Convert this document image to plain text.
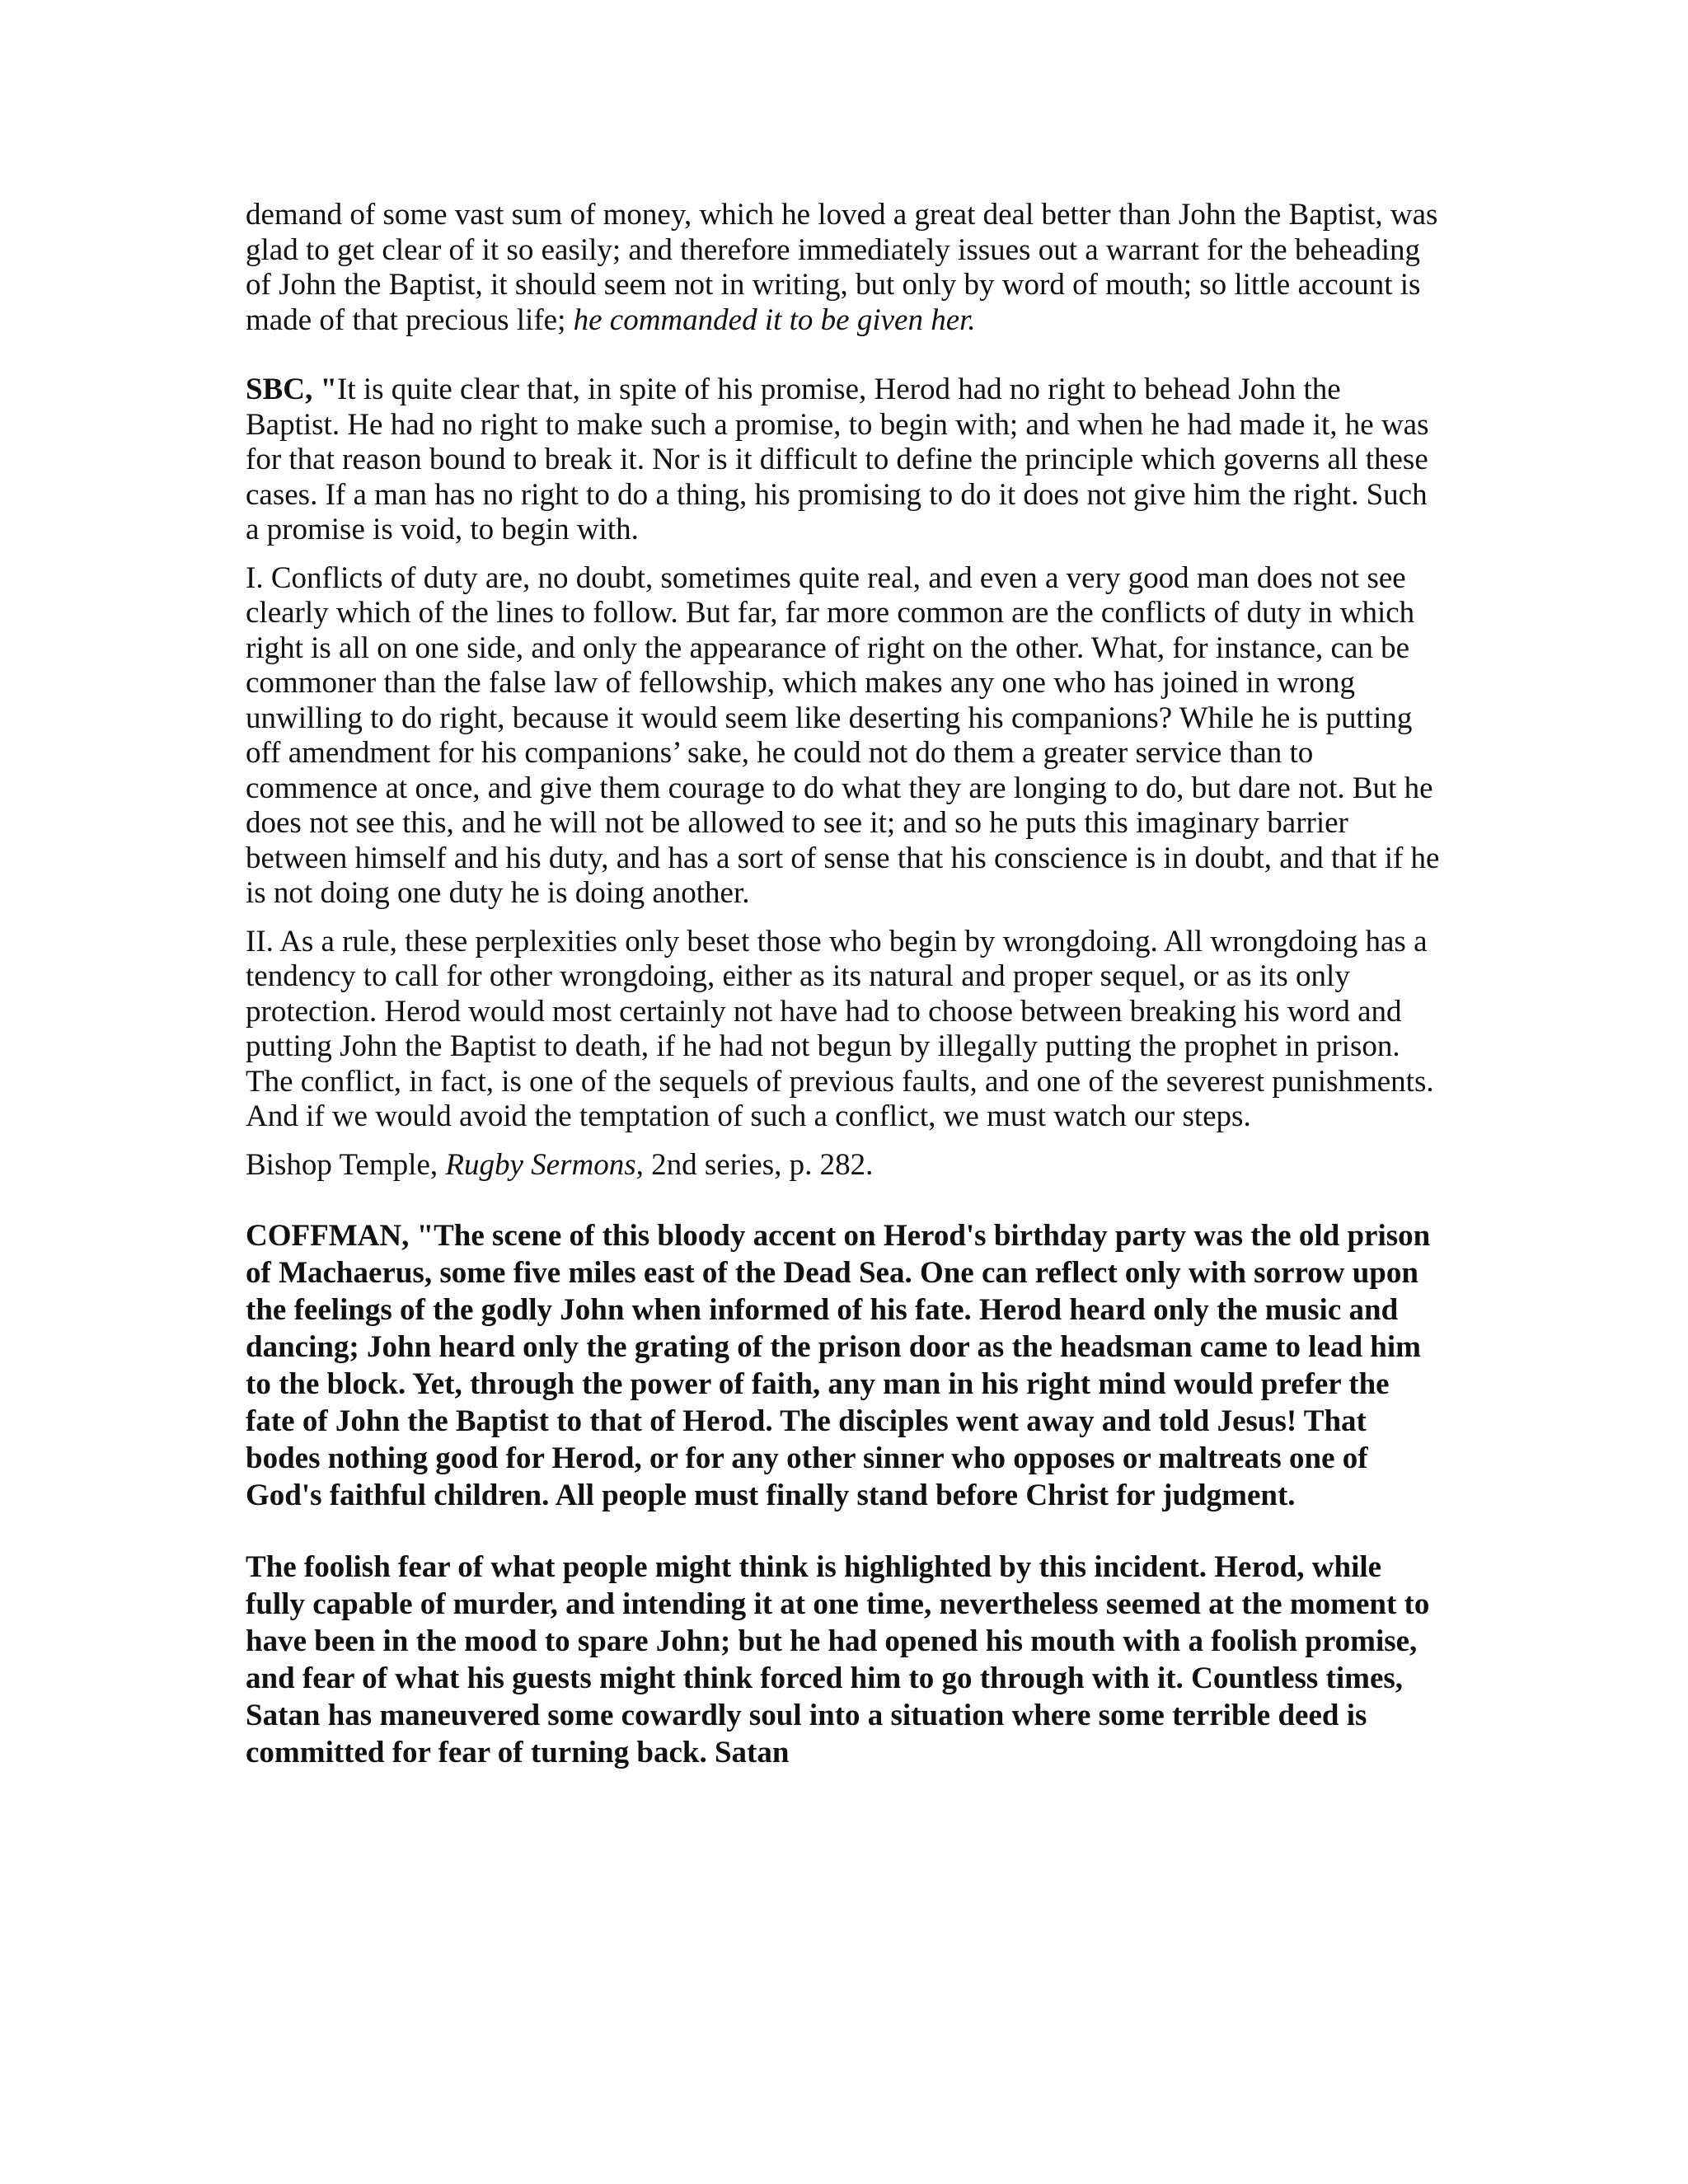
demand of some vast sum of money, which he loved a great deal better than John the Baptist, was glad to get clear of it so easily; and therefore immediately issues out a warrant for the beheading of John the Baptist, it should seem not in writing, but only by word of mouth; so little account is made of that precious life; he commanded it to be given her.

SBC, "It is quite clear that, in spite of his promise, Herod had no right to behead John the Baptist. He had no right to make such a promise, to begin with; and when he had made it, he was for that reason bound to break it. Nor is it difficult to define the principle which governs all these cases. If a man has no right to do a thing, his promising to do it does not give him the right. Such a promise is void, to begin with.

I. Conflicts of duty are, no doubt, sometimes quite real, and even a very good man does not see clearly which of the lines to follow. But far, far more common are the conflicts of duty in which right is all on one side, and only the appearance of right on the other. What, for instance, can be commoner than the false law of fellowship, which makes any one who has joined in wrong unwilling to do right, because it would seem like deserting his companions? While he is putting off amendment for his companions’ sake, he could not do them a greater service than to commence at once, and give them courage to do what they are longing to do, but dare not. But he does not see this, and he will not be allowed to see it; and so he puts this imaginary barrier between himself and his duty, and has a sort of sense that his conscience is in doubt, and that if he is not doing one duty he is doing another.

II. As a rule, these perplexities only beset those who begin by wrongdoing. All wrongdoing has a tendency to call for other wrongdoing, either as its natural and proper sequel, or as its only protection. Herod would most certainly not have had to choose between breaking his word and putting John the Baptist to death, if he had not begun by illegally putting the prophet in prison. The conflict, in fact, is one of the sequels of previous faults, and one of the severest punishments. And if we would avoid the temptation of such a conflict, we must watch our steps.

Bishop Temple, Rugby Sermons, 2nd series, p. 282.

COFFMAN, "The scene of this bloody accent on Herod's birthday party was the old prison of Machaerus, some five miles east of the Dead Sea. One can reflect only with sorrow upon the feelings of the godly John when informed of his fate. Herod heard only the music and dancing; John heard only the grating of the prison door as the headsman came to lead him to the block. Yet, through the power of faith, any man in his right mind would prefer the fate of John the Baptist to that of Herod. The disciples went away and told Jesus! That bodes nothing good for Herod, or for any other sinner who opposes or maltreats one of God's faithful children. All people must finally stand before Christ for judgment.

The foolish fear of what people might think is highlighted by this incident. Herod, while fully capable of murder, and intending it at one time, nevertheless seemed at the moment to have been in the mood to spare John; but he had opened his mouth with a foolish promise, and fear of what his guests might think forced him to go through with it. Countless times, Satan has maneuvered some cowardly soul into a situation where some terrible deed is committed for fear of turning back. Satan
